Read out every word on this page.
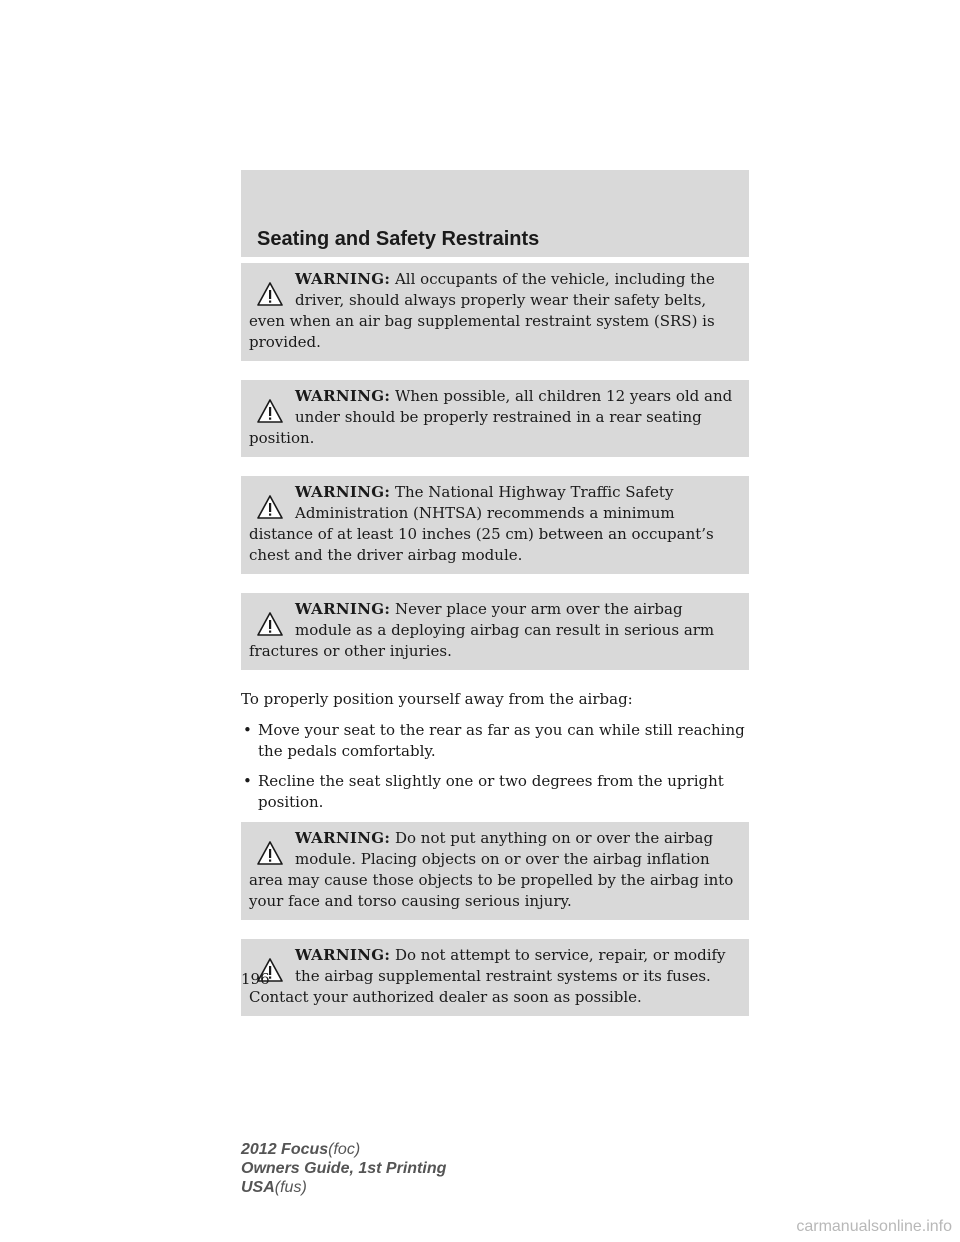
Seating and Safety Restraints
WARNING: All occupants of the vehicle, including the driver, should always properly wear their safety belts, even when an air bag supplemental restraint system (SRS) is provided.
WARNING: When possible, all children 12 years old and under should be properly restrained in a rear seating position.
WARNING: The National Highway Traffic Safety Administration (NHTSA) recommends a minimum distance of at least 10 inches (25 cm) between an occupant’s chest and the driver airbag module.
WARNING: Never place your arm over the airbag module as a deploying airbag can result in serious arm fractures or other injuries.

To properly position yourself away from the airbag:

• Move your seat to the rear as far as you can while still reaching the pedals comfortably.
• Recline the seat slightly one or two degrees from the upright position.
WARNING: Do not put anything on or over the airbag module. Placing objects on or over the airbag inflation area may cause those objects to be propelled by the airbag into your face and torso causing serious injury.
WARNING: Do not attempt to service, repair, or modify the airbag supplemental restraint systems or its fuses. Contact your authorized dealer as soon as possible.
196
2012 Focus(foc)
Owners Guide, 1st Printing
USA(fus)
carmanualsonline.info
